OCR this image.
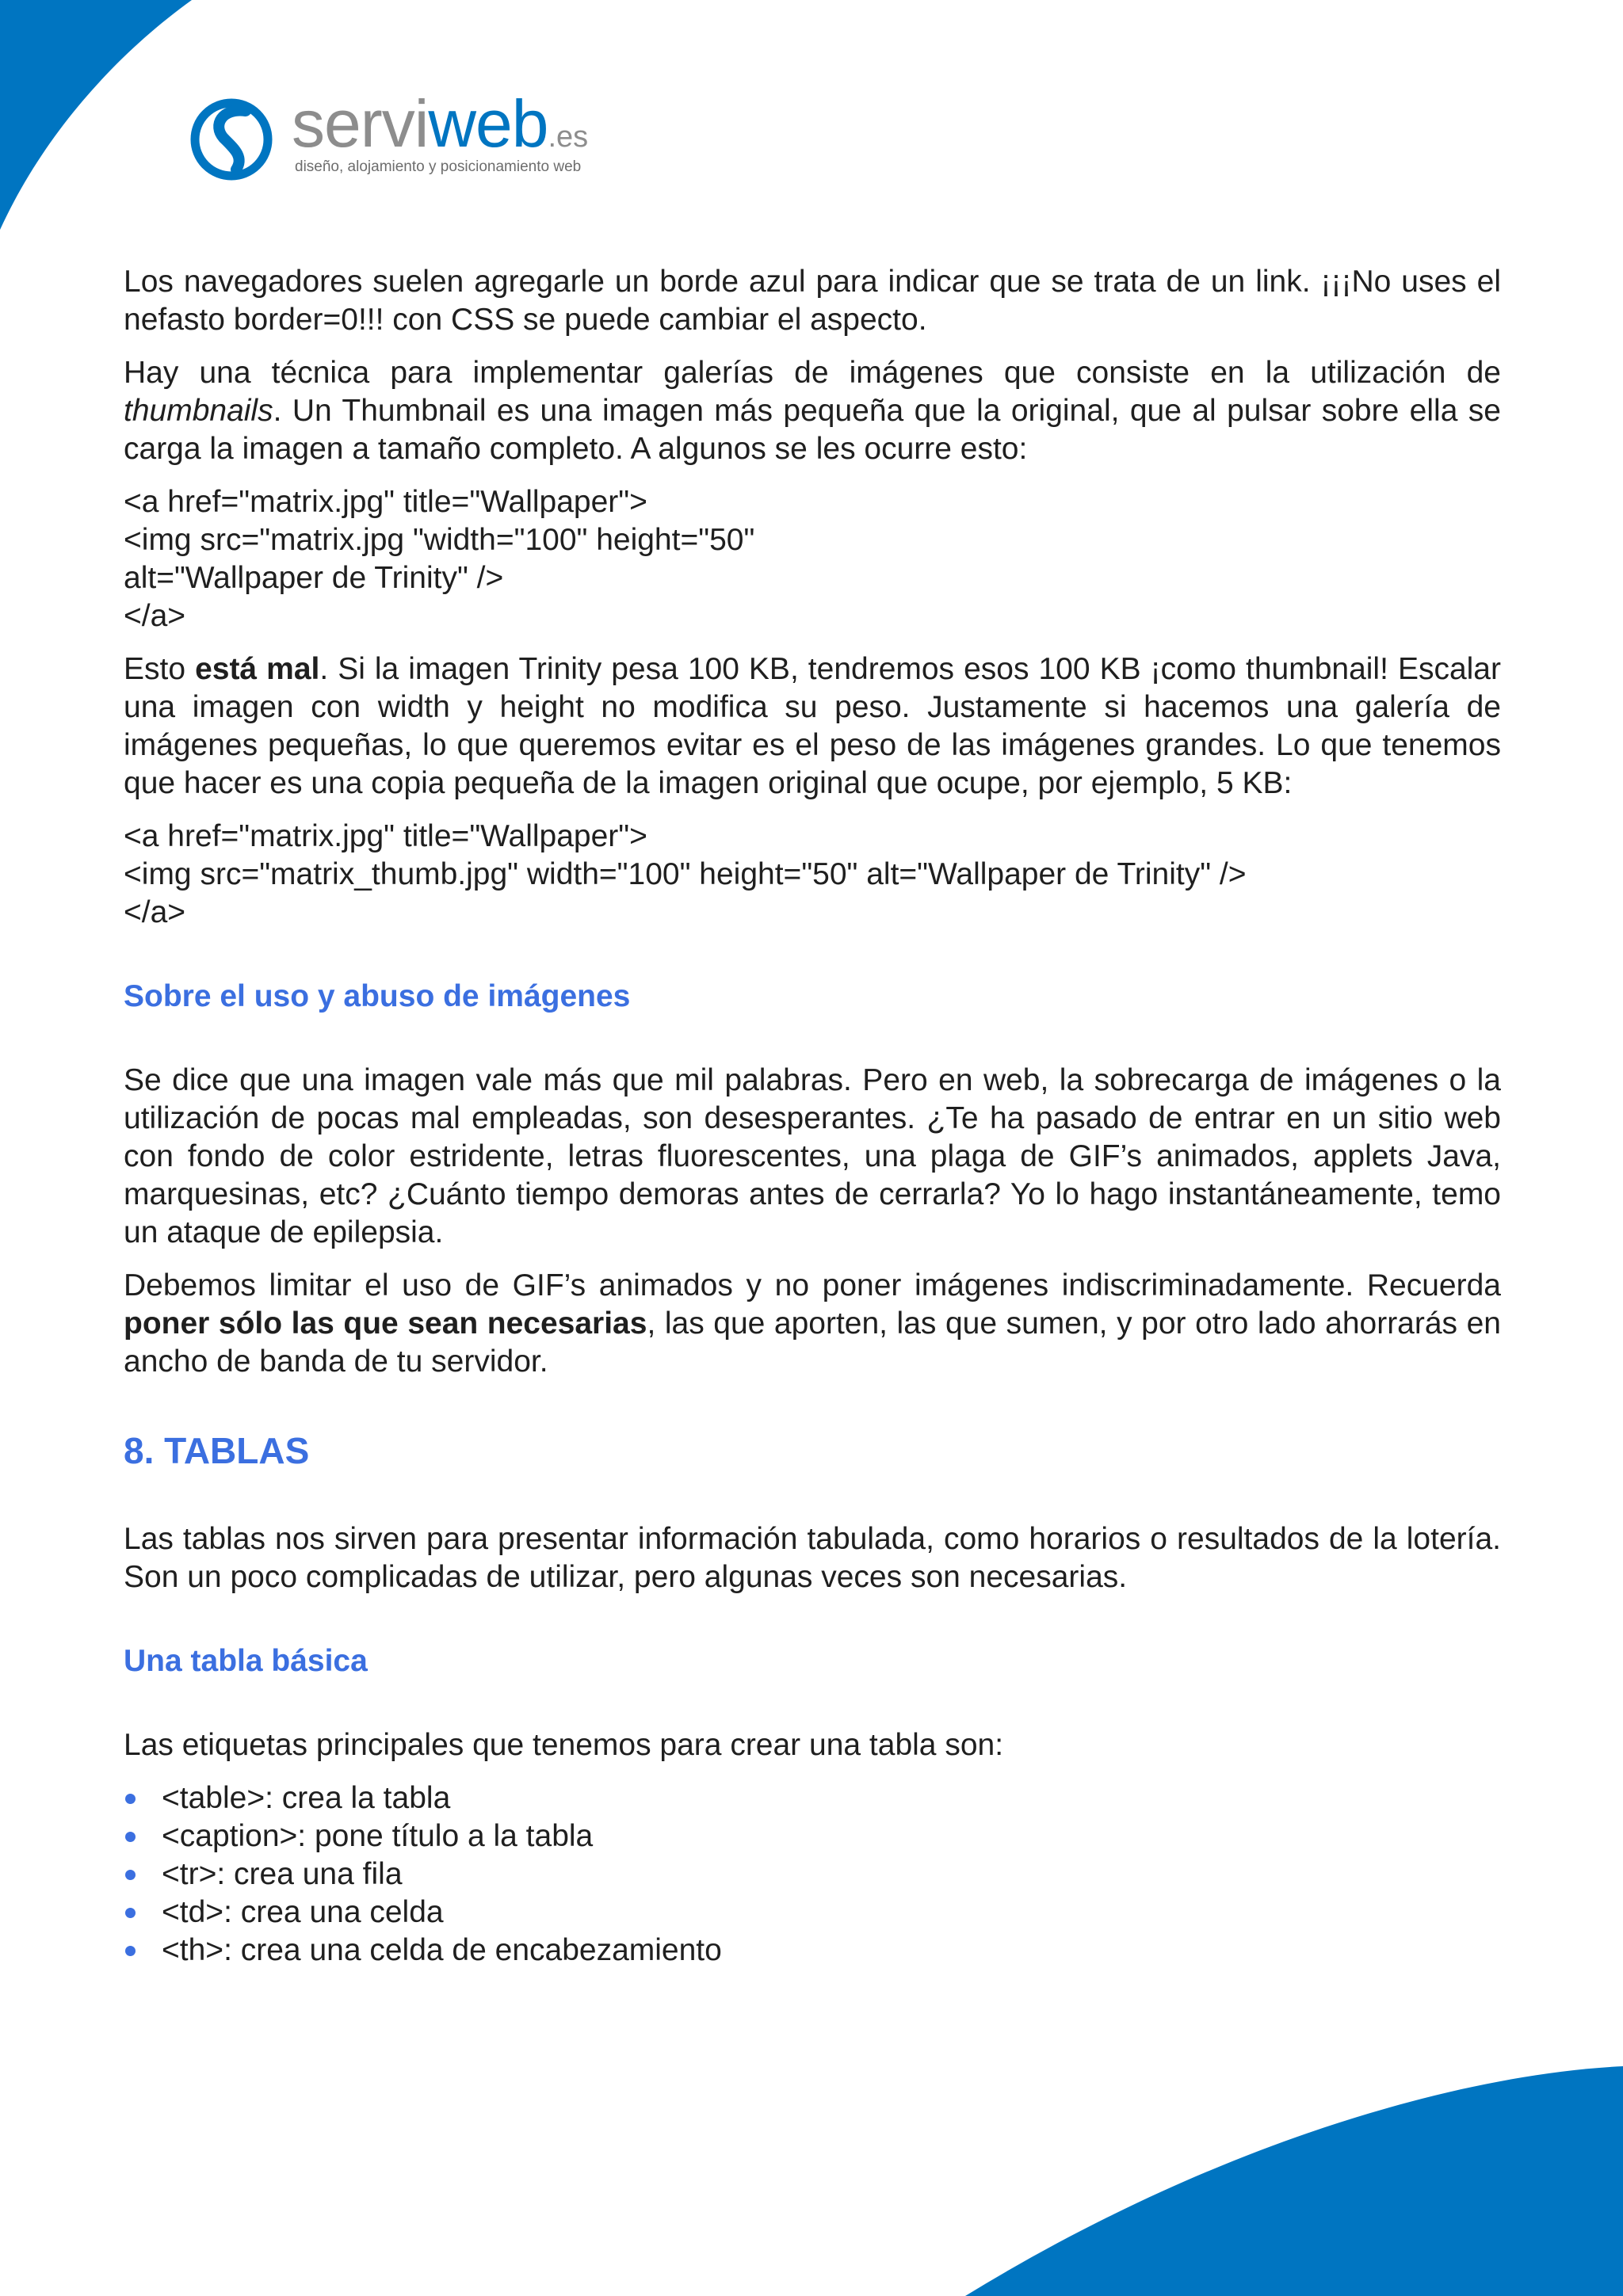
serviweb.es
diseño, alojamiento y posicionamiento web

Los navegadores suelen agregarle un borde azul para indicar que se trata de un link. ¡¡¡No uses el nefasto border=0!!! con CSS se puede cambiar el aspecto.

Hay una técnica para implementar galerías de imágenes que consiste en la utilización de thumbnails. Un Thumbnail es una imagen más pequeña que la original, que al pulsar sobre ella se carga la imagen a tamaño completo. A algunos se les ocurre esto:

<a href="matrix.jpg" title="Wallpaper">
<img src="matrix.jpg "width="100" height="50"
alt="Wallpaper de Trinity" />
</a>

Esto está mal. Si la imagen Trinity pesa 100 KB, tendremos esos 100 KB ¡como thumbnail! Escalar una imagen con width y height no modifica su peso. Justamente si hacemos una galería de imágenes pequeñas, lo que queremos evitar es el peso de las imágenes grandes. Lo que tenemos que hacer es una copia pequeña de la imagen original que ocupe, por ejemplo, 5 KB:

<a href="matrix.jpg" title="Wallpaper">
<img src="matrix_thumb.jpg" width="100" height="50" alt="Wallpaper de Trinity" />
</a>
Sobre el uso y abuso de imágenes

Se dice que una imagen vale más que mil palabras. Pero en web, la sobrecarga de imágenes o la utilización de pocas mal empleadas, son desesperantes. ¿Te ha pasado de entrar en un sitio web con fondo de color estridente, letras fluorescentes, una plaga de GIF’s animados, applets Java, marquesinas, etc? ¿Cuánto tiempo demoras antes de cerrarla? Yo lo hago instantáneamente, temo un ataque de epilepsia.

Debemos limitar el uso de GIF’s animados y no poner imágenes indiscriminadamente. Recuerda poner sólo las que sean necesarias, las que aporten, las que sumen, y por otro lado ahorrarás en ancho de banda de tu servidor.

8. TABLAS

Las tablas nos sirven para presentar información tabulada, como horarios o resultados de la lotería. Son un poco complicadas de utilizar, pero algunas veces son necesarias.

Una tabla básica

Las etiquetas principales que tenemos para crear una tabla son:

<table>: crea la tabla
<caption>: pone título a la tabla
<tr>: crea una fila
<td>: crea una celda
<th>: crea una celda de encabezamiento
